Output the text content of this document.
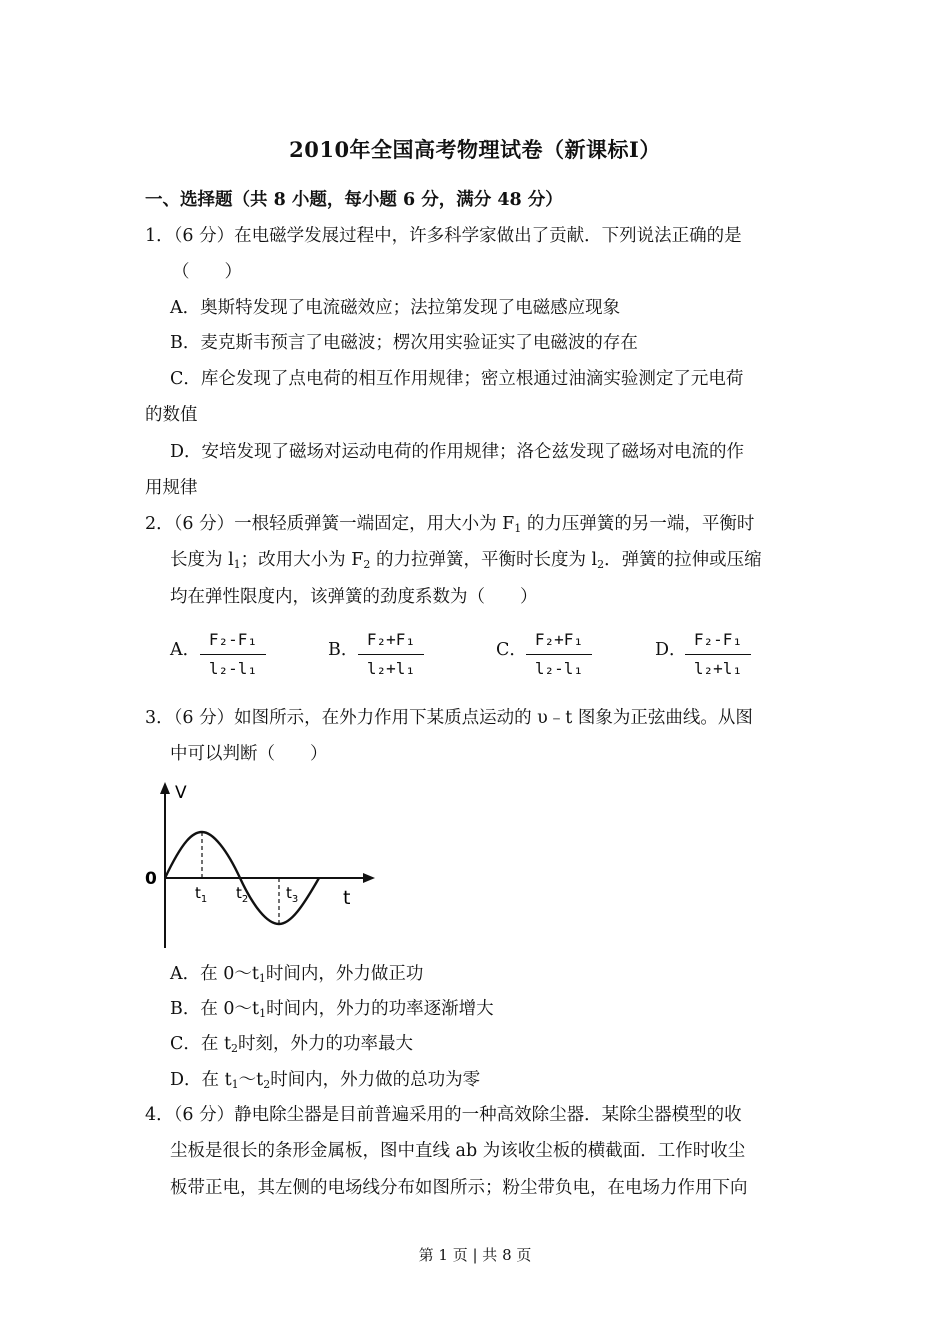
2010年全国高考物理试卷（新课标Ⅰ）
一、选择题（共 8 小题，每小题 6 分，满分 48 分）
1．（6 分）在电磁学发展过程中，许多科学家做出了贡献．下列说法正确的是
（　　）
A．奥斯特发现了电流磁效应；法拉第发现了电磁感应现象
B．麦克斯韦预言了电磁波；楞次用实验证实了电磁波的存在
C．库仑发现了点电荷的相互作用规律；密立根通过油滴实验测定了元电荷
的数值
D．安培发现了磁场对运动电荷的作用规律；洛仑兹发现了磁场对电流的作
用规律
2．（6 分）一根轻质弹簧一端固定，用大小为 $F_1$ 的力压弹簧的另一端，平衡时
长度为 $l_1$；改用大小为 $F_2$ 的力拉弹簧，平衡时长度为 $l_2$．弹簧的拉伸或压缩
均在弹性限度内，该弹簧的劲度系数为（　　）
A．
F₂-F₁
l₂-l₁
B．
F₂+F₁
l₂+l₁
C．
F₂+F₁
l₂-l₁
D．
F₂-F₁
l₂+l₁
3．（6 分）如图所示，在外力作用下某质点运动的 υ﹣t 图象为正弦曲线。从图
中可以判断（　　）
V
0
t
$t_1$ $t_2$	$t_3$
A．在 $0\sim t_1$时间内，外力做正功
B．在 $0\sim t_1$时间内，外力的功率逐渐增大
C．在 $t_2$时刻，外力的功率最大
D．在 $t_1\sim t_2$时间内，外力做的总功为零
4．（6 分）静电除尘器是目前普遍采用的一种高效除尘器．某除尘器模型的收
尘板是很长的条形金属板，图中直线 ab 为该收尘板的横截面．工作时收尘
板带正电，其左侧的电场线分布如图所示；粉尘带负电，在电场力作用下向
第 1 页 | 共 8 页
